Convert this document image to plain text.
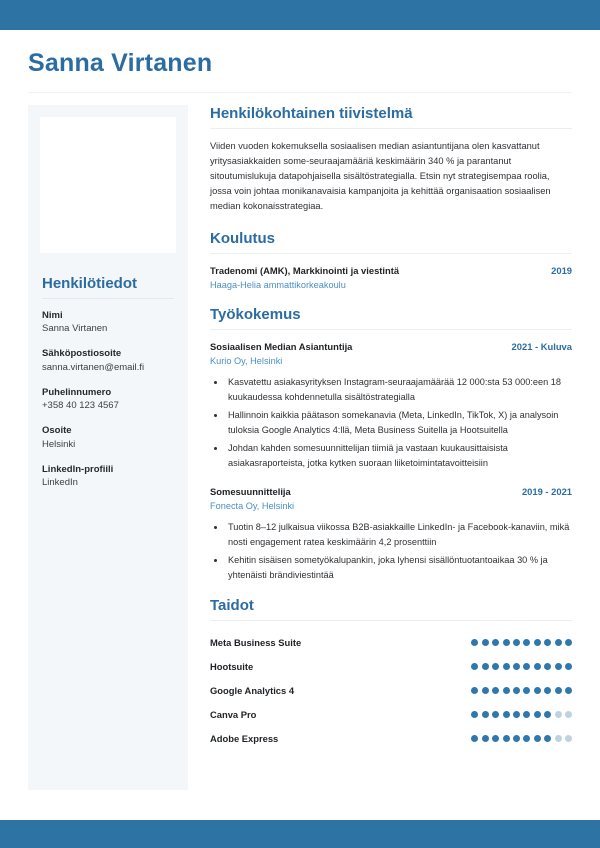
Sanna Virtanen
Henkilötiedot
Nimi
Sanna Virtanen
Sähköpostiosoite
sanna.virtanen@email.fi
Puhelinnumero
+358 40 123 4567
Osoite
Helsinki
LinkedIn-profiili
LinkedIn
Henkilökohtainen tiivistelmä

Viiden vuoden kokemuksella sosiaalisen median asiantuntijana olen kasvattanut yritysasiakkaiden some-seuraajamääriä keskimäärin 340 % ja parantanut sitoutumislukuja datapohjaisella sisältöstrategialla. Etsin nyt strategisempaa roolia, jossa voin johtaa monikanavaisia kampanjoita ja kehittää organisaation sosiaalisen median kokonaisstrategiaa.

Koulutus
Tradenomi (AMK), Markkinointi ja viestintä	2019
Haaga-Helia ammattikorkeakoulu
Työkokemus
Sosiaalisen Median Asiantuntija	2021 - Kuluva
Kurio Oy, Helsinki
• Kasvatettu asiakasyrityksen Instagram-seuraajamäärää 12 000:sta 53 000:een 18 kuukaudessa kohdennetulla sisältöstrategialla
• Hallinnoin kaikkia päätason somekanavia (Meta, LinkedIn, TikTok, X) ja analysoin tuloksia Google Analytics 4:llä, Meta Business Suitella ja Hootsuitella
• Johdan kahden somesuunnittelijan tiimiä ja vastaan kuukausittaisista asiakasraporteista, jotka kytken suoraan liiketoimintatavoitteisiin
Somesuunnittelija	2019 - 2021
Fonecta Oy, Helsinki
• Tuotin 8–12 julkaisua viikossa B2B-asiakkaille LinkedIn- ja Facebook-kanaviin, mikä nosti engagement ratea keskimäärin 4,2 prosenttiin
• Kehitin sisäisen sometyökalupankin, joka lyhensi sisällöntuotantoaikaa 30 % ja yhtenäisti brändiviestintää
Taidot
Meta Business Suite
Hootsuite
Google Analytics 4
Canva Pro
Adobe Express
